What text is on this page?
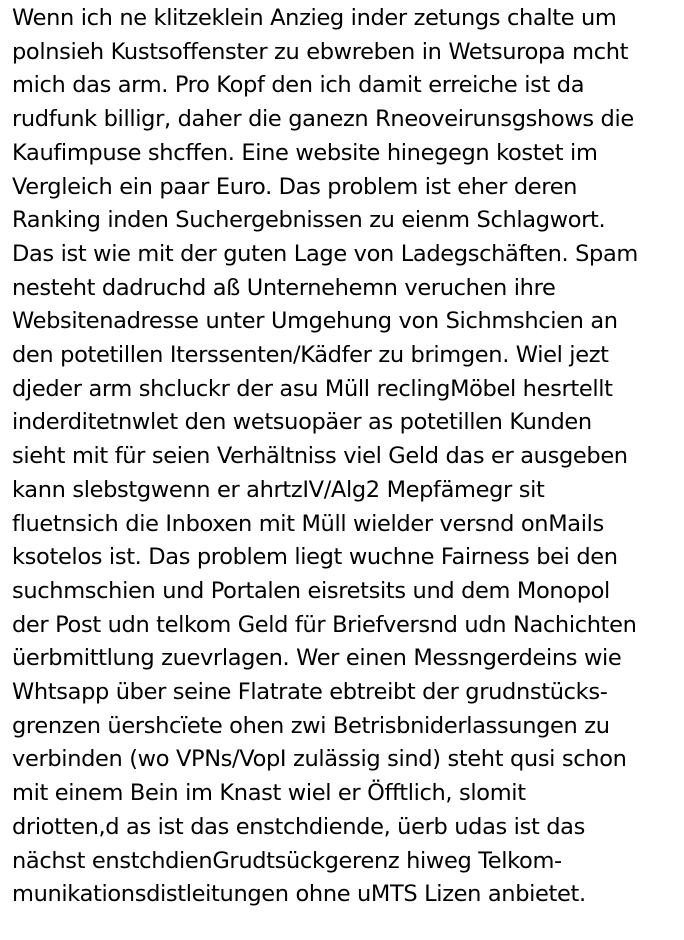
Wenn ich ne klitzeklein Anzieg inder zetungs chalte um
polnsieh Kustsoffenster zu ebwreben in Wetsuropa mcht
mich das arm. Pro Kopf den ich damit erreiche ist da
rudfunk billigr, daher die ganezn Rneoveirunsgshows die
Kaufimpuse shcffen. Eine website hinegegn kostet im
Vergleich ein paar Euro. Das problem ist eher deren
Ranking inden Suchergebnissen zu eienm Schlagwort.
Das ist wie mit der guten Lage von Ladegschäften. Spam
nesteht dadruchd aß Unternehemn veruchen ihre
Websitenadresse unter Umgehung von Sichmshcien an
den potetillen Iterssenten/Kädfer zu brimgen. Wiel jezt
djeder arm shcluckr der asu Müll reclingMöbel hesrtellt
inderditetnwlet den wetsuopäer as potetillen Kunden
sieht mit für seien Verhältniss viel Geld das er ausgeben
kann slebstgwenn er ahrtzIV/Alg2 Mepfämegr sit
fluetnsich die Inboxen mit Müll wielder versnd onMails
ksotelos ist. Das problem liegt wuchne Fairness bei den
suchmschien und Portalen eisretsits und dem Monopol
der Post udn telkom Geld für Briefversnd udn Nachichten
üerbmittlung zuevrlagen. Wer einen Messngerdeins wie
Whtsapp über seine Flatrate ebtreibt der grudnstücks-
grenzen üershcïete ohen zwi Betrisbniderlassungen zu
verbinden (wo VPNs/VopI zulässig sind) steht qusi schon
mit einem Bein im Knast wiel er Öfftlich, slomit
driotten,d as ist das enstchdiende, üerb udas ist das
nächst enstchdienGrudtsückgerenz hiweg Telkom-
munikationsdistleitungen ohne uMTS Lizen anbietet.
